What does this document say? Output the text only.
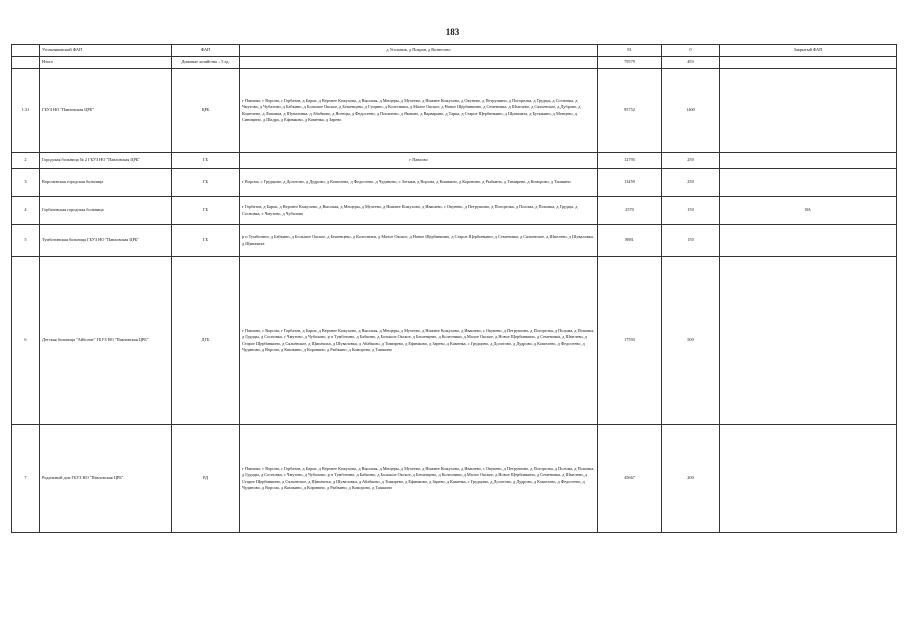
183
	Угольниковский ФАП	ФАП	д Угольник, д Покров, д Вознесено	81	0	Закрытый ФАП
	Итого	Домовые хозяйства – 5 ед.		79579	493	
1.31	ГБУЗ НО "Павловская ЦРБ"	ЦРБ	г Павлово, г Ворсма, г Горбатов, д Барок, д Верхнее Кожухово, д Высокая, д Мещеры, д Мухеево, д Нижнее Кожухово, д Окунево, д Петрушино, д Погорелка, д Грудцы, д Сосновка, д Чмутово, д Чубалово, д Бабкино, д Большое Окское, д Бешенцево, д Гущино, д Колесники, д Малое Окское, д Новое Щербинкино, д Семеновка, д Шмелево, д Сяльевское, д Дуброво, д Кошелево, д Липовка, д Шуваловка, д Абабково, д Ясенцы, д Федосеево, д Пошатово, д Ямново, д Варварино, д Тарка, д Старое Щербинкино, д Щипачиха, д Бутыкино, д Монцево, д Синицино, д Шадра, д Ефимково, д Каменка, д Зарево	95752	1400	
2	Городская больница № 2 ГБУЗ НО "Павловская ЦРБ"	ГБ	г Павлово	12795	250	
3	Ворсменская городская больница	ГБ	г Ворсма, с Грудцино, д Долотово, д Дудрово, д Кошелево, д Федосеево, д Чудиново, с Зотыки, д Ворсма, д Кишкино, д Коровино, д Рыбкино, д Тимирево, д Коморово, д Ташкино	13459	250	
4	Горбатовская городская больница	ГБ	г Горбатов, д Барок, д Верхнее Кожухово, д Высокая, д Мещеры, д Мухеево, д Нижнее Кожухово, д Ивашево, с Окунево, д Петрушино, д Погорелка, д Полома, д Поповка, д Грудцы, д Сосновка, с Чмутово, д Чубалово	2570	150	ВА
5	Тумботинская больница ГБУЗ НО "Павловская ЦРБ"	ГБ	р п Тумботино, д Бабкино, д Большое Окское, д Бешенцево, д Колесники, д Малое Окское, д Новое Щербинкино, д Старое Щербинкино, д Семеновка, д Сяльевское, д Шмелево, д Шуваловка, д Щипачиха	8881	150	
6	Детская больница "Айболит" ГБУЗ НО "Павловская ЦРБ"	ДГБ	г Павлово, г Ворсма, г Горбатов, д Барок, д Верхнее Кожухово, д Высокая, д Мещеры, д Мухеево, д Нижнее Кожухово, д Ивашево, с Окунево, д Петрушино, д Погорелка, д Полома, д Поповка, д Грудцы, д Сосновка, с Чмутово, д Чубалово, р п Тумботино, д Бабкино, д Большое Окское, д Бешенцево, д Колесники, д Малое Окское, д Новое Щербинкино, д Семеновка, д Шмелево, д Старое Щербинкино, д Сяльевское, д Щипачиха, д Шуваловка, д Абабково, д Тимирево, д Ефимково, д Зарево, д Каменка, с Грудцино, д Долотово, д Дудрово, д Кошелево, д Федосеево, д Чудиново, д Ворсма, д Кишкино, д Коровино, д Рыбкино, д Коморово, д Ташкино	17593	500	
7	Родильный дом ГБУЗ НО "Павловская ЦРБ"	РД	г Павлово, г Ворсма, г Горбатов, д Барок, д Верхнее Кожухово, д Высокая, д Мещеры, д Мухеево, д Нижнее Кожухово, д Ивашево, с Окунево, д Петрушино, д Погорелка, д Полома, д Поповка, д Грудцы, д Сосновка, с Чмутово, д Чубалово, р п Тумботино, д Бабкино, д Большое Окское, д Бешенцево, д Колесники, д Малое Окское, д Новое Щербинкино, д Семеновка, д Шмелево, д Старое Щербинкино, д Сяльевское, д Щипачиха, д Шуваловка, д Абабково, д Тимирево, д Ефимково, д Зарево, д Каменка, с Грудцино, д Долотово, д Дудрово, д Кошелево, д Федосеево, д Чудиново, д Ворсма, д Кишкино, д Коровино, д Рыбкино, д Коморово, д Ташкино	45667	200	
